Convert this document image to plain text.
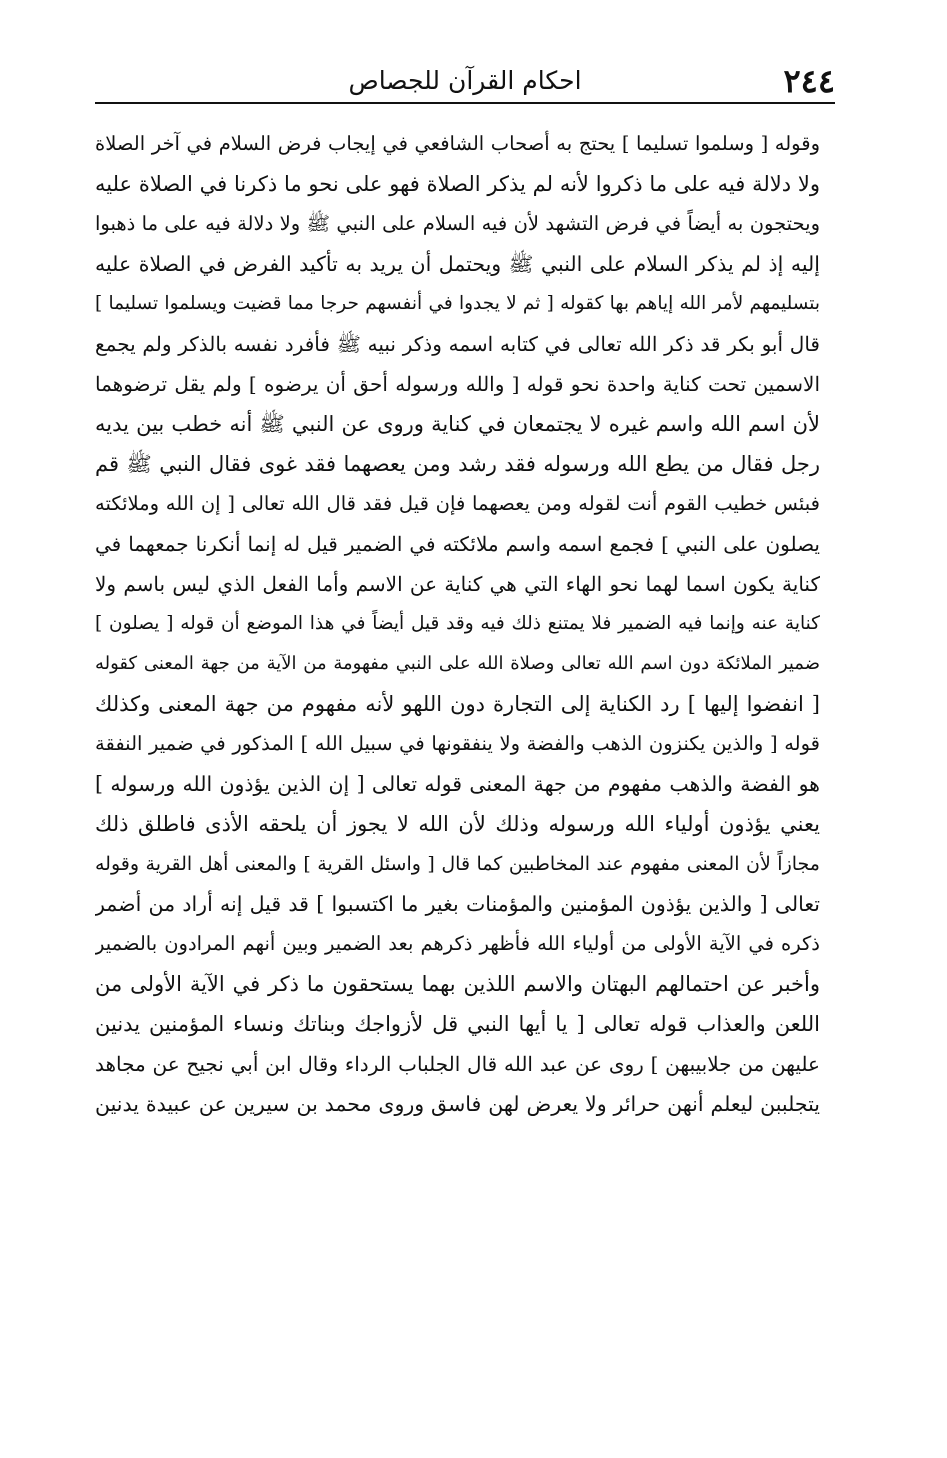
٢٤٤
احكام القرآن للجصاص
وقوله [ وسلموا تسليما ] يحتج به أصحاب الشافعي في إيجاب فرض السلام في آخر الصلاة
ولا دلالة فيه على ما ذكروا لأنه لم يذكر الصلاة فهو على نحو ما ذكرنا في الصلاة عليه
ويحتجون به أيضاً في فرض التشهد لأن فيه السلام على النبي ﷺ ولا دلالة فيه على ما ذهبوا
إليه إذ لم يذكر السلام على النبي ﷺ ويحتمل أن يريد به تأكيد الفرض في الصلاة عليه
بتسليمهم لأمر الله إياهم بها كقوله [ ثم لا يجدوا في أنفسهم حرجا مما قضيت ويسلموا تسليما ]
قال أبو بكر قد ذكر الله تعالى في كتابه اسمه وذكر نبيه ﷺ فأفرد نفسه بالذكر ولم يجمع
الاسمين تحت كناية واحدة نحو قوله [ والله ورسوله أحق أن يرضوه ] ولم يقل ترضوهما
لأن اسم الله واسم غيره لا يجتمعان في كناية وروى عن النبي ﷺ أنه خطب بين يديه
رجل فقال من يطع الله ورسوله فقد رشد ومن يعصهما فقد غوى فقال النبي ﷺ قم
فبئس خطيب القوم أنت لقوله ومن يعصهما فإن قيل فقد قال الله تعالى [ إن الله وملائكته
يصلون على النبي ] فجمع اسمه واسم ملائكته في الضمير قيل له إنما أنكرنا جمعهما في
كناية يكون اسما لهما نحو الهاء التي هي كناية عن الاسم وأما الفعل الذي ليس باسم ولا
كناية عنه وإنما فيه الضمير فلا يمتنع ذلك فيه وقد قيل أيضاً في هذا الموضع أن قوله [ يصلون ]
ضمير الملائكة دون اسم الله تعالى وصلاة الله على النبي مفهومة من الآية من جهة المعنى كقوله
[ انفضوا إليها ] رد الكناية إلى التجارة دون اللهو لأنه مفهوم من جهة المعنى وكذلك
قوله [ والذين يكنزون الذهب والفضة ولا ينفقونها في سبيل الله ] المذكور في ضمير النفقة
هو الفضة والذهب مفهوم من جهة المعنى قوله تعالى [ إن الذين يؤذون الله ورسوله ]
يعني يؤذون أولياء الله ورسوله وذلك لأن الله لا يجوز أن يلحقه الأذى فاطلق ذلك
مجازاً لأن المعنى مفهوم عند المخاطبين كما قال [ واسئل القرية ] والمعنى أهل القرية وقوله
تعالى [ والذين يؤذون المؤمنين والمؤمنات بغير ما اكتسبوا ] قد قيل إنه أراد من أضمر
ذكره في الآية الأولى من أولياء الله فأظهر ذكرهم بعد الضمير وبين أنهم المرادون بالضمير
وأخبر عن احتمالهم البهتان والاسم اللذين بهما يستحقون ما ذكر في الآية الأولى من
اللعن والعذاب قوله تعالى [ يا أيها النبي قل لأزواجك وبناتك ونساء المؤمنين يدنين
عليهن من جلابيبهن ] روى عن عبد الله قال الجلباب الرداء وقال ابن أبي نجيح عن مجاهد
يتجلببن ليعلم أنهن حرائر ولا يعرض لهن فاسق وروى محمد بن سيرين عن عبيدة يدنين
